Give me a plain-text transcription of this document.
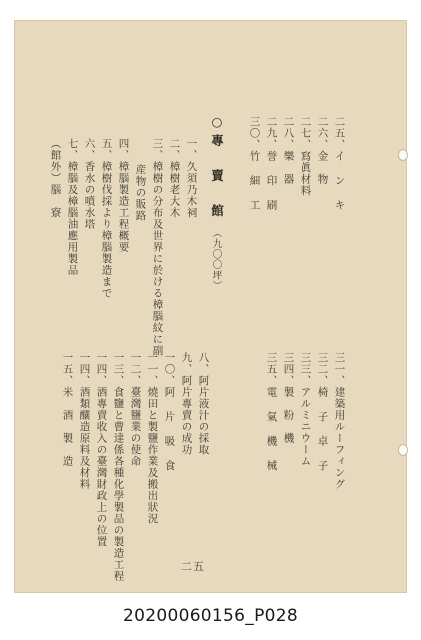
二五、イ ン キ
二六、金　物
二七、寫眞材料
二八、樂　器
二九、誉 印 刷
三〇、竹 細 工
○專　賣　館
（九〇〇坪）
一、久須乃木祠
二、樟樹老大木
三、樟樹の分布及世界に於ける樟腦紋に副
産物の販路
四、樟腦製造工程概要
五、樟樹伐採より樟腦製造まで
六、香水の噴水塔
七、樟腦及樟腦油應用製品
（館外）腦　寮
三一、建築用ルーフィング
三二、椅 子 卓 子
三三、アルミニウーム
三四、製　粉　機
三五、電 氣 機 械
八、阿片液汁の採取
九、阿片專賣の成功
一〇、阿 片 吸 食
一一、燒田と製鹽作業及搬出狀況
一二、臺灣鹽業の使命
一三、食鹽と曹達係各種化學製品の製造工程
一四、酒專賣收入の臺灣財政上の位置
一四、酒類釀造原料及材料
一五、米　酒　製　造
二五
20200060156_P028
